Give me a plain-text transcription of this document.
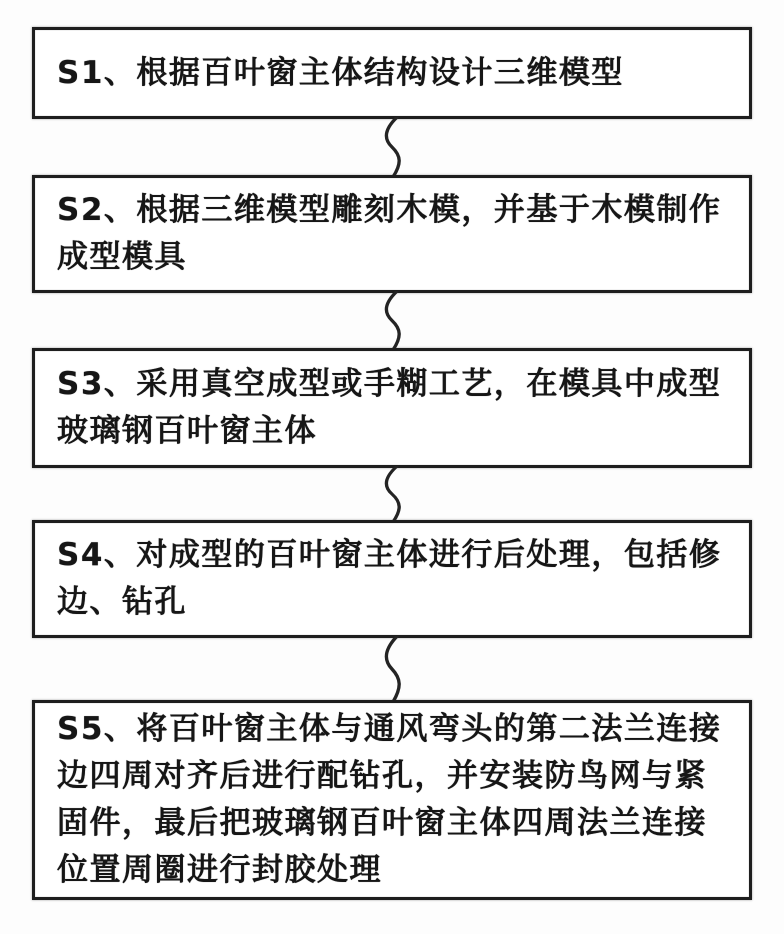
S1、根据百叶窗主体结构设计三维模型
S2、根据三维模型雕刻木模，并基于木模制作成型模具
S3、采用真空成型或手糊工艺，在模具中成型玻璃钢百叶窗主体
S4、对成型的百叶窗主体进行后处理，包括修边、钻孔
S5、将百叶窗主体与通风弯头的第二法兰连接边四周对齐后进行配钻孔，并安装防鸟网与紧固件，最后把玻璃钢百叶窗主体四周法兰连接位置周圈进行封胶处理
